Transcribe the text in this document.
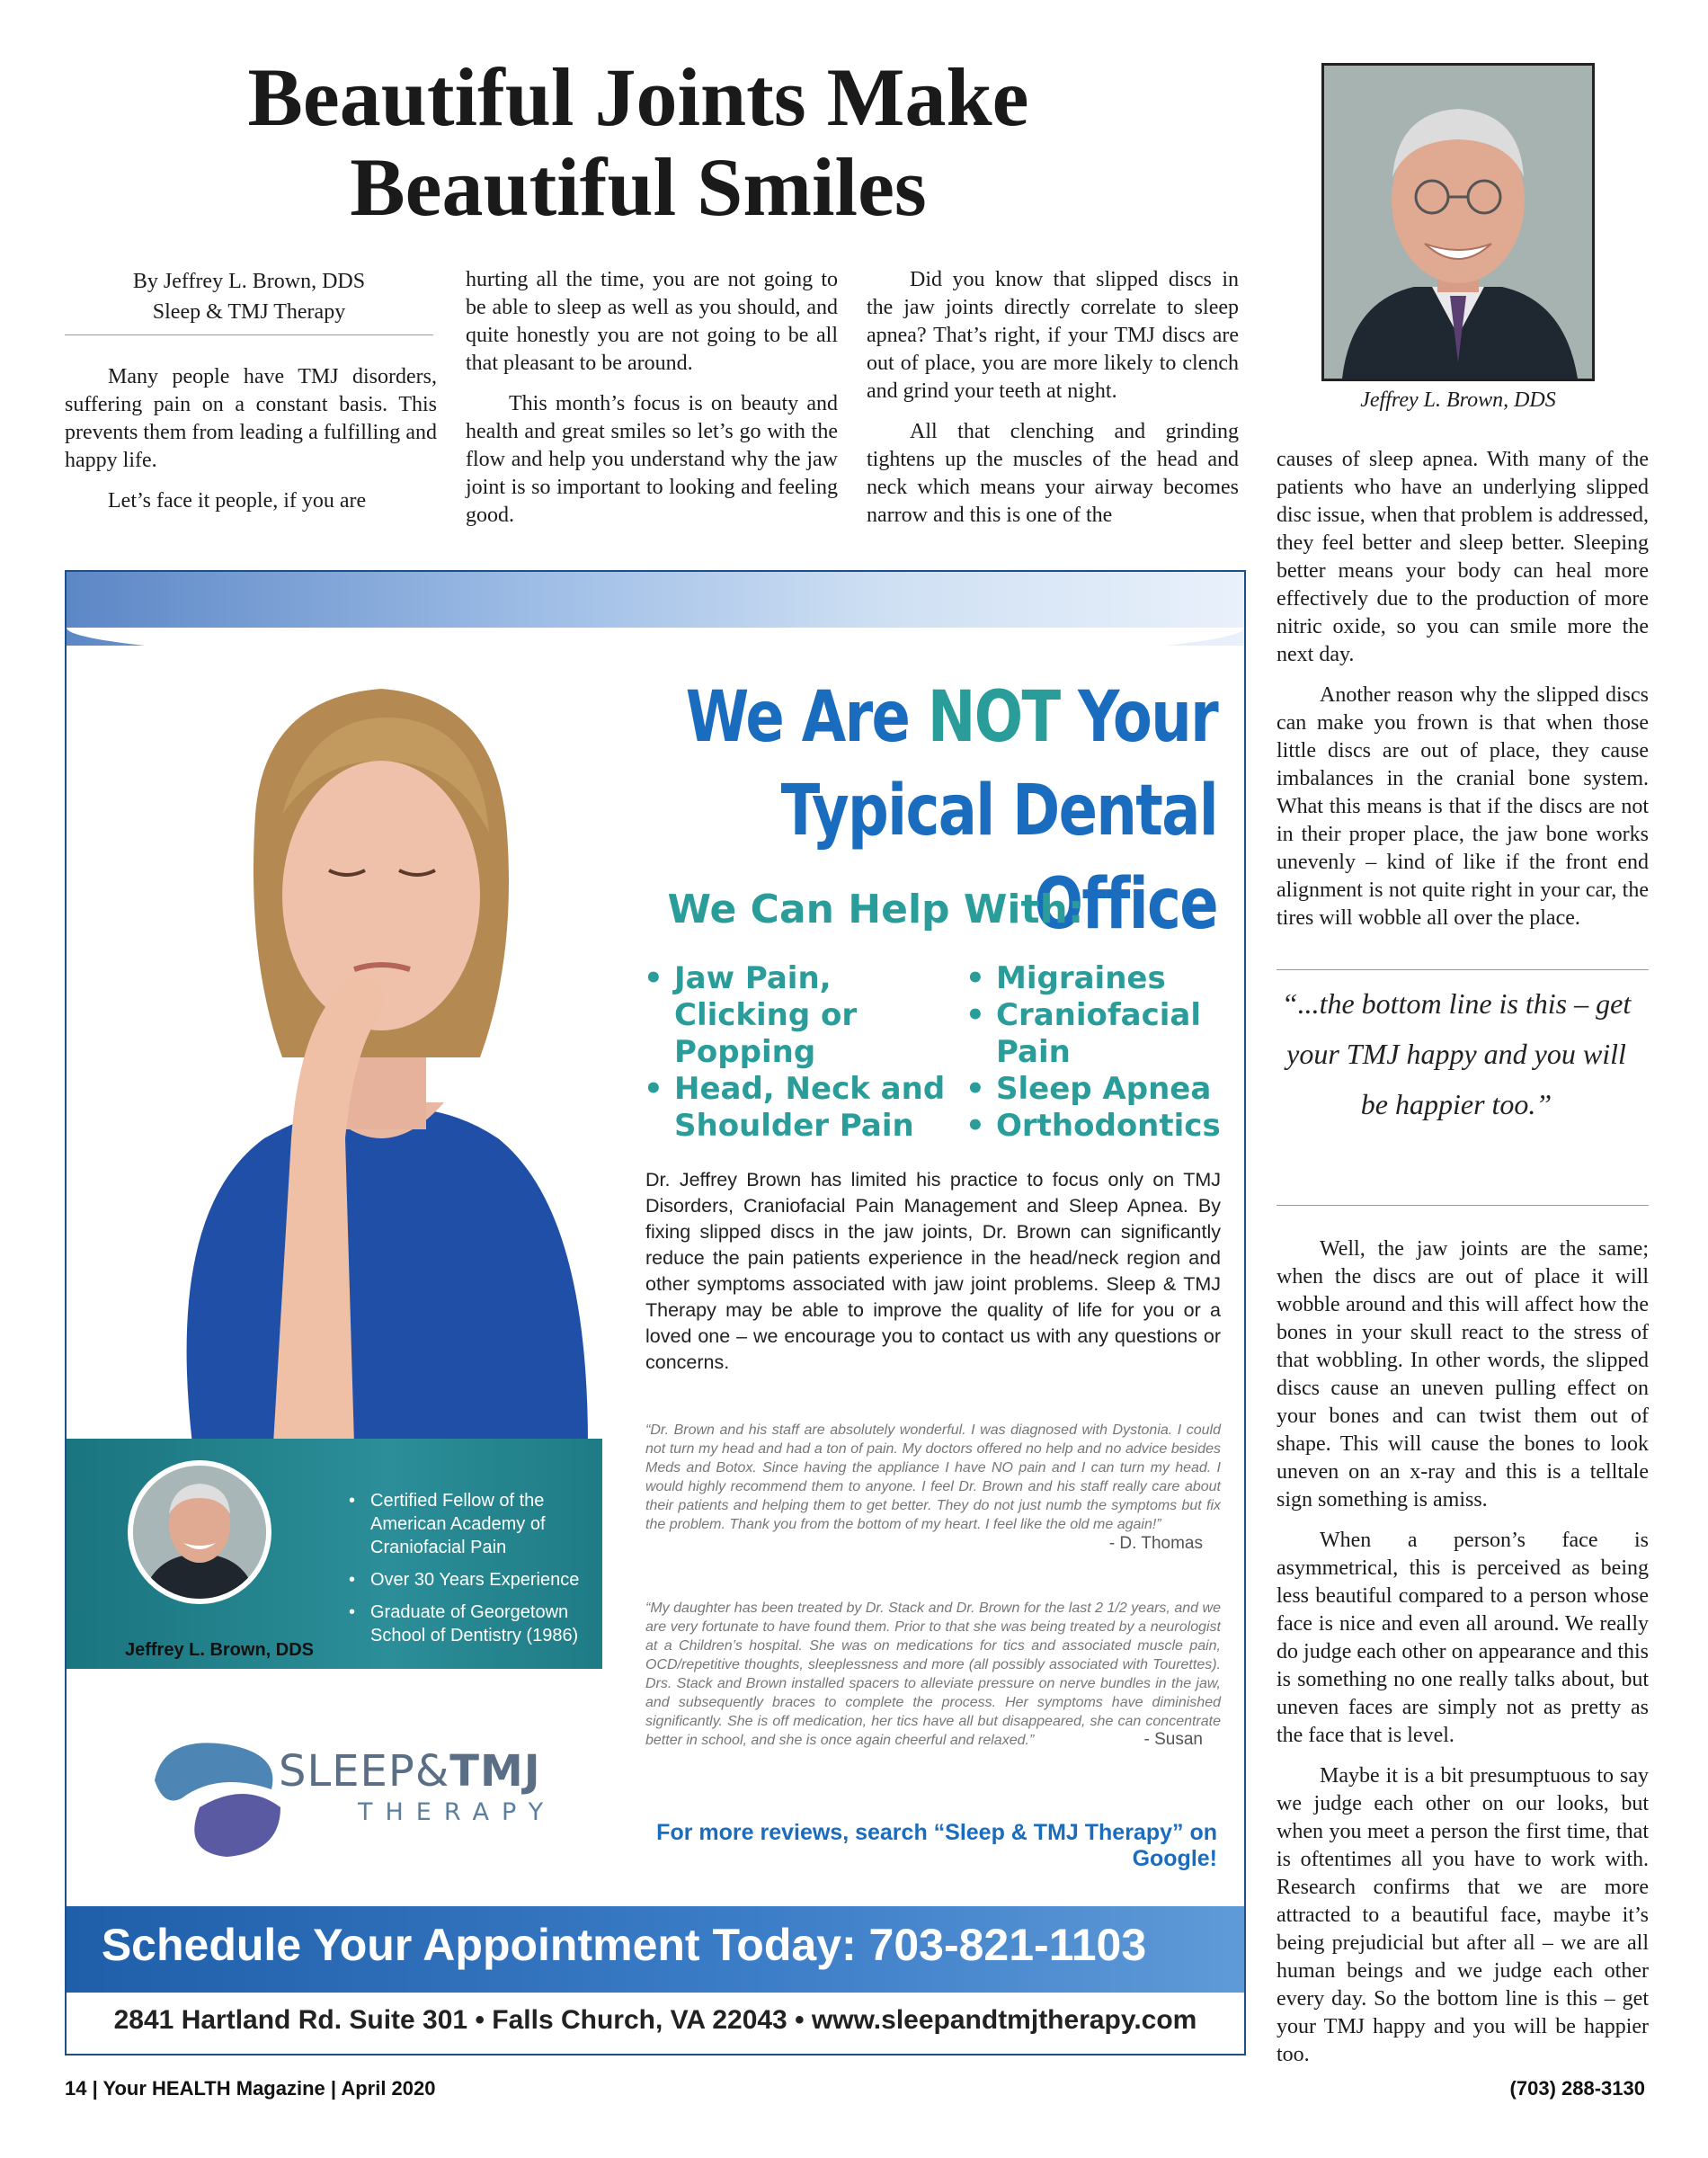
Beautiful Joints Make
Beautiful Smiles
By Jeffrey L. Brown, DDS
Sleep & TMJ Therapy

Many people have TMJ disorders, suffering pain on a constant basis. This prevents them from leading a fulfilling and happy life.

Let’s face it people, if you are

hurting all the time, you are not going to be able to sleep as well as you should, and quite honestly you are not going to be all that pleasant to be around.

This month’s focus is on beauty and health and great smiles so let’s go with the flow and help you understand why the jaw joint is so important to looking and feeling good.

Did you know that slipped discs in the jaw joints directly correlate to sleep apnea? That’s right, if your TMJ discs are out of place, you are more likely to clench and grind your teeth at night.

All that clenching and grinding tightens up the muscles of the head and neck which means your airway becomes narrow and this is one of the

Jeffrey L. Brown, DDS

causes of sleep apnea. With many of the patients who have an underlying slipped disc issue, when that problem is addressed, they feel better and sleep better. Sleeping better means your body can heal more effectively due to the production of more nitric oxide, so you can smile more the next day.

Another reason why the slipped discs can make you frown is that when those little discs are out of place, they cause imbalances in the cranial bone system. What this means is that if the discs are not in their proper place, the jaw bone works unevenly – kind of like if the front end alignment is not quite right in your car, the tires will wobble all over the place.

“...the bottom line is this – get your TMJ happy and you will be happier too.”

Well, the jaw joints are the same; when the discs are out of place it will wobble around and this will affect how the bones in your skull react to the stress of that wobbling. In other words, the slipped discs cause an uneven pulling effect on your bones and can twist them out of shape. This will cause the bones to look uneven on an x-ray and this is a telltale sign something is amiss.

When a person’s face is asymmetrical, this is perceived as being less beautiful compared to a person whose face is nice and even all around. We really do judge each other on appearance and this is something no one really talks about, but uneven faces are simply not as pretty as the face that is level.

Maybe it is a bit presumptuous to say we judge each other on our looks, but when you meet a person the first time, that is oftentimes all you have to work with. Research confirms that we are more attracted to a beautiful face, maybe it’s being prejudicial but after all – we are all human beings and we judge each other every day. So the bottom line is this – get your TMJ happy and you will be happier too.

We Are NOT Your
Typical Dental Office
We Can Help With:
• Jaw Pain, Clicking or Popping
• Head, Neck and Shoulder Pain
• Migraines
• Craniofacial Pain
• Sleep Apnea
• Orthodontics
Dr. Jeffrey Brown has limited his practice to focus only on TMJ Disorders, Craniofacial Pain Management and Sleep Apnea. By fixing slipped discs in the jaw joints, Dr. Brown can significantly reduce the pain patients experience in the head/neck region and other symptoms associated with jaw joint problems. Sleep & TMJ Therapy may be able to improve the quality of life for you or a loved one – we encourage you to contact us with any questions or concerns.
“Dr. Brown and his staff are absolutely wonderful. I was diagnosed with Dystonia. I could not turn my head and had a ton of pain. My doctors offered no help and no advice besides Meds and Botox. Since having the appliance I have NO pain and I can turn my head. I would highly recommend them to anyone. I feel Dr. Brown and his staff really care about their patients and helping them to get better. They do not just numb the symptoms but fix the problem. Thank you from the bottom of my heart. I feel like the old me again!”
- D. Thomas
“My daughter has been treated by Dr. Stack and Dr. Brown for the last 2 1/2 years, and we are very fortunate to have found them. Prior to that she was being treated by a neurologist at a Children’s hospital. She was on medications for tics and associated muscle pain, OCD/repetitive thoughts, sleeplessness and more (all possibly associated with Tourettes). Drs. Stack and Brown installed spacers to alleviate pressure on nerve bundles in the jaw, and subsequently braces to complete the process. Her symptoms have diminished significantly. She is off medication, her tics have all but disappeared, she can concentrate better in school, and she is once again cheerful and relaxed.”	- Susan
• Certified Fellow of the American Academy of Craniofacial Pain
• Over 30 Years Experience
• Graduate of Georgetown School of Dentistry (1986)
Jeffrey L. Brown, DDS
SLEEP&TMJ
THERAPY
For more reviews, search “Sleep & TMJ Therapy” on Google!
Schedule Your Appointment Today: 703-821-1103
2841 Hartland Rd. Suite 301 • Falls Church, VA 22043 • www.sleepandtmjtherapy.com
14 | Your HEALTH Magazine | April 2020	(703) 288-3130
